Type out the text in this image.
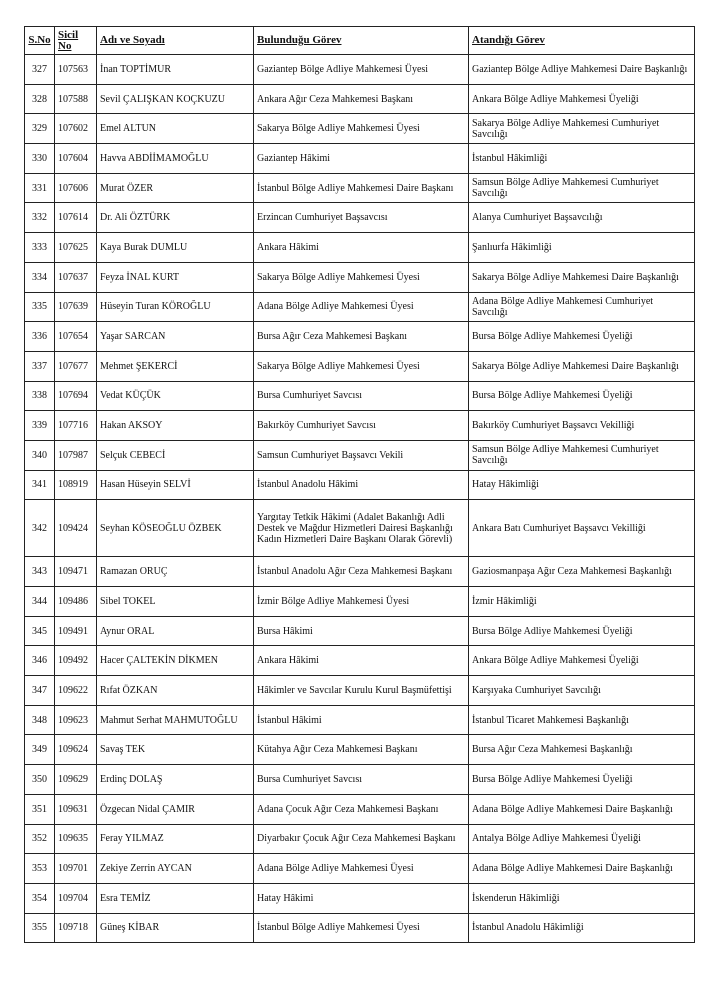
S.No	Sicil No	Adı ve Soyadı	Bulunduğu Görev	Atandığı Görev
327	107563	İnan TOPTİMUR	Gaziantep Bölge Adliye Mahkemesi Üyesi	Gaziantep Bölge Adliye Mahkemesi Daire Başkanlığı
328	107588	Sevil ÇALIŞKAN KOÇKUZU	Ankara Ağır Ceza Mahkemesi Başkanı	Ankara Bölge Adliye Mahkemesi Üyeliği
329	107602	Emel ALTUN	Sakarya Bölge Adliye Mahkemesi Üyesi	Sakarya Bölge Adliye Mahkemesi Cumhuriyet Savcılığı
330	107604	Havva ABDİİMAMOĞLU	Gaziantep Hâkimi	İstanbul Hâkimliği
331	107606	Murat ÖZER	İstanbul Bölge Adliye Mahkemesi Daire Başkanı	Samsun Bölge Adliye Mahkemesi Cumhuriyet Savcılığı
332	107614	Dr. Ali ÖZTÜRK	Erzincan Cumhuriyet Başsavcısı	Alanya Cumhuriyet Başsavcılığı
333	107625	Kaya Burak DUMLU	Ankara Hâkimi	Şanlıurfa Hâkimliği
334	107637	Feyza İNAL KURT	Sakarya Bölge Adliye Mahkemesi Üyesi	Sakarya Bölge Adliye Mahkemesi Daire Başkanlığı
335	107639	Hüseyin Turan KÖROĞLU	Adana Bölge Adliye Mahkemesi Üyesi	Adana Bölge Adliye Mahkemesi Cumhuriyet Savcılığı
336	107654	Yaşar SARCAN	Bursa Ağır Ceza Mahkemesi Başkanı	Bursa Bölge Adliye Mahkemesi Üyeliği
337	107677	Mehmet ŞEKERCİ	Sakarya Bölge Adliye Mahkemesi Üyesi	Sakarya Bölge Adliye Mahkemesi Daire Başkanlığı
338	107694	Vedat KÜÇÜK	Bursa Cumhuriyet Savcısı	Bursa Bölge Adliye Mahkemesi Üyeliği
339	107716	Hakan AKSOY	Bakırköy Cumhuriyet Savcısı	Bakırköy Cumhuriyet Başsavcı Vekilliği
340	107987	Selçuk CEBECİ	Samsun Cumhuriyet Başsavcı Vekili	Samsun Bölge Adliye Mahkemesi Cumhuriyet Savcılığı
341	108919	Hasan Hüseyin SELVİ	İstanbul Anadolu Hâkimi	Hatay Hâkimliği
342	109424	Seyhan KÖSEOĞLU ÖZBEK	Yargıtay Tetkik Hâkimi (Adalet Bakanlığı Adli Destek ve Mağdur Hizmetleri Dairesi Başkanlığı Kadın Hizmetleri Daire Başkanı Olarak Görevli)	Ankara Batı Cumhuriyet Başsavcı Vekilliği
343	109471	Ramazan ORUÇ	İstanbul Anadolu Ağır Ceza Mahkemesi Başkanı	Gaziosmanpaşa Ağır Ceza Mahkemesi Başkanlığı
344	109486	Sibel TOKEL	İzmir Bölge Adliye Mahkemesi Üyesi	İzmir Hâkimliği
345	109491	Aynur ORAL	Bursa Hâkimi	Bursa Bölge Adliye Mahkemesi Üyeliği
346	109492	Hacer ÇALTEKİN DİKMEN	Ankara Hâkimi	Ankara Bölge Adliye Mahkemesi Üyeliği
347	109622	Rıfat ÖZKAN	Hâkimler ve Savcılar Kurulu Kurul Başmüfettişi	Karşıyaka Cumhuriyet Savcılığı
348	109623	Mahmut Serhat MAHMUTOĞLU	İstanbul Hâkimi	İstanbul Ticaret Mahkemesi Başkanlığı
349	109624	Savaş TEK	Kütahya Ağır Ceza Mahkemesi Başkanı	Bursa Ağır Ceza Mahkemesi Başkanlığı
350	109629	Erdinç DOLAŞ	Bursa Cumhuriyet Savcısı	Bursa Bölge Adliye Mahkemesi Üyeliği
351	109631	Özgecan Nidal ÇAMIR	Adana Çocuk Ağır Ceza Mahkemesi Başkanı	Adana Bölge Adliye Mahkemesi Daire Başkanlığı
352	109635	Feray YILMAZ	Diyarbakır Çocuk Ağır Ceza Mahkemesi Başkanı	Antalya Bölge Adliye Mahkemesi Üyeliği
353	109701	Zekiye Zerrin AYCAN	Adana Bölge Adliye Mahkemesi Üyesi	Adana Bölge Adliye Mahkemesi Daire Başkanlığı
354	109704	Esra TEMİZ	Hatay Hâkimi	İskenderun Hâkimliği
355	109718	Güneş KİBAR	İstanbul Bölge Adliye Mahkemesi Üyesi	İstanbul Anadolu Hâkimliği
